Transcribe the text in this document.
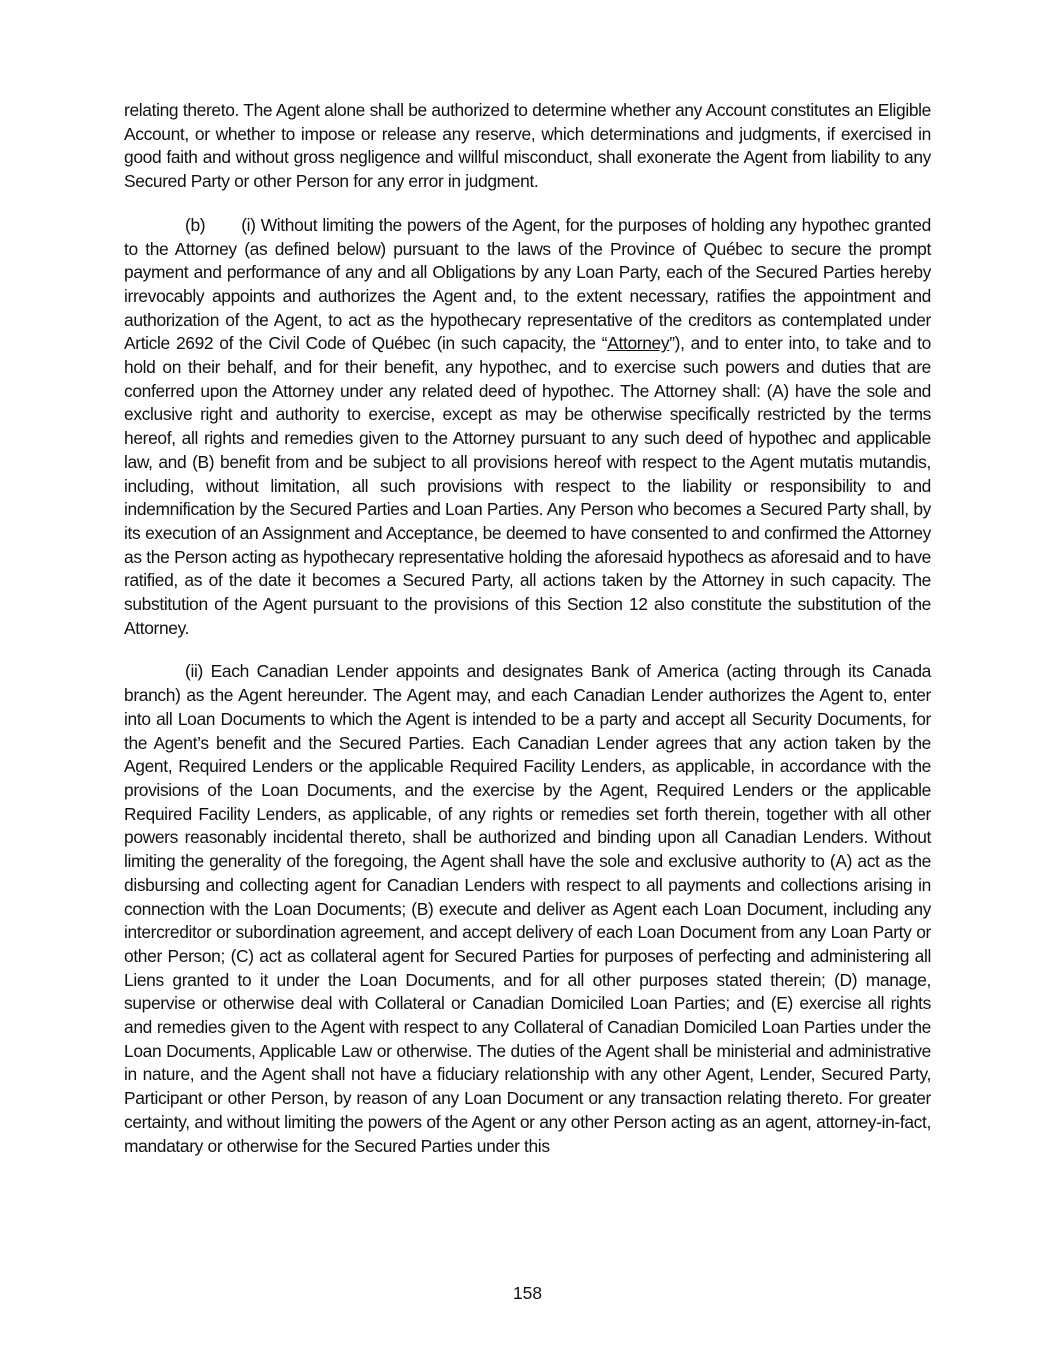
relating thereto. The Agent alone shall be authorized to determine whether any Account constitutes an Eligible Account, or whether to impose or release any reserve, which determinations and judgments, if exercised in good faith and without gross negligence and willful misconduct, shall exonerate the Agent from liability to any Secured Party or other Person for any error in judgment.

(b) (i) Without limiting the powers of the Agent, for the purposes of holding any hypothec granted to the Attorney (as defined below) pursuant to the laws of the Province of Québec to secure the prompt payment and performance of any and all Obligations by any Loan Party, each of the Secured Parties hereby irrevocably appoints and authorizes the Agent and, to the extent necessary, ratifies the appointment and authorization of the Agent, to act as the hypothecary representative of the creditors as contemplated under Article 2692 of the Civil Code of Québec (in such capacity, the “Attorney”), and to enter into, to take and to hold on their behalf, and for their benefit, any hypothec, and to exercise such powers and duties that are conferred upon the Attorney under any related deed of hypothec. The Attorney shall: (A) have the sole and exclusive right and authority to exercise, except as may be otherwise specifically restricted by the terms hereof, all rights and remedies given to the Attorney pursuant to any such deed of hypothec and applicable law, and (B) benefit from and be subject to all provisions hereof with respect to the Agent mutatis mutandis, including, without limitation, all such provisions with respect to the liability or responsibility to and indemnification by the Secured Parties and Loan Parties. Any Person who becomes a Secured Party shall, by its execution of an Assignment and Acceptance, be deemed to have consented to and confirmed the Attorney as the Person acting as hypothecary representative holding the aforesaid hypothecs as aforesaid and to have ratified, as of the date it becomes a Secured Party, all actions taken by the Attorney in such capacity. The substitution of the Agent pursuant to the provisions of this Section 12 also constitute the substitution of the Attorney.

(ii) Each Canadian Lender appoints and designates Bank of America (acting through its Canada branch) as the Agent hereunder. The Agent may, and each Canadian Lender authorizes the Agent to, enter into all Loan Documents to which the Agent is intended to be a party and accept all Security Documents, for the Agent’s benefit and the Secured Parties. Each Canadian Lender agrees that any action taken by the Agent, Required Lenders or the applicable Required Facility Lenders, as applicable, in accordance with the provisions of the Loan Documents, and the exercise by the Agent, Required Lenders or the applicable Required Facility Lenders, as applicable, of any rights or remedies set forth therein, together with all other powers reasonably incidental thereto, shall be authorized and binding upon all Canadian Lenders. Without limiting the generality of the foregoing, the Agent shall have the sole and exclusive authority to (A) act as the disbursing and collecting agent for Canadian Lenders with respect to all payments and collections arising in connection with the Loan Documents; (B) execute and deliver as Agent each Loan Document, including any intercreditor or subordination agreement, and accept delivery of each Loan Document from any Loan Party or other Person; (C) act as collateral agent for Secured Parties for purposes of perfecting and administering all Liens granted to it under the Loan Documents, and for all other purposes stated therein; (D) manage, supervise or otherwise deal with Collateral or Canadian Domiciled Loan Parties; and (E) exercise all rights and remedies given to the Agent with respect to any Collateral of Canadian Domiciled Loan Parties under the Loan Documents, Applicable Law or otherwise. The duties of the Agent shall be ministerial and administrative in nature, and the Agent shall not have a fiduciary relationship with any other Agent, Lender, Secured Party, Participant or other Person, by reason of any Loan Document or any transaction relating thereto. For greater certainty, and without limiting the powers of the Agent or any other Person acting as an agent, attorney-in-fact, mandatary or otherwise for the Secured Parties under this

158
